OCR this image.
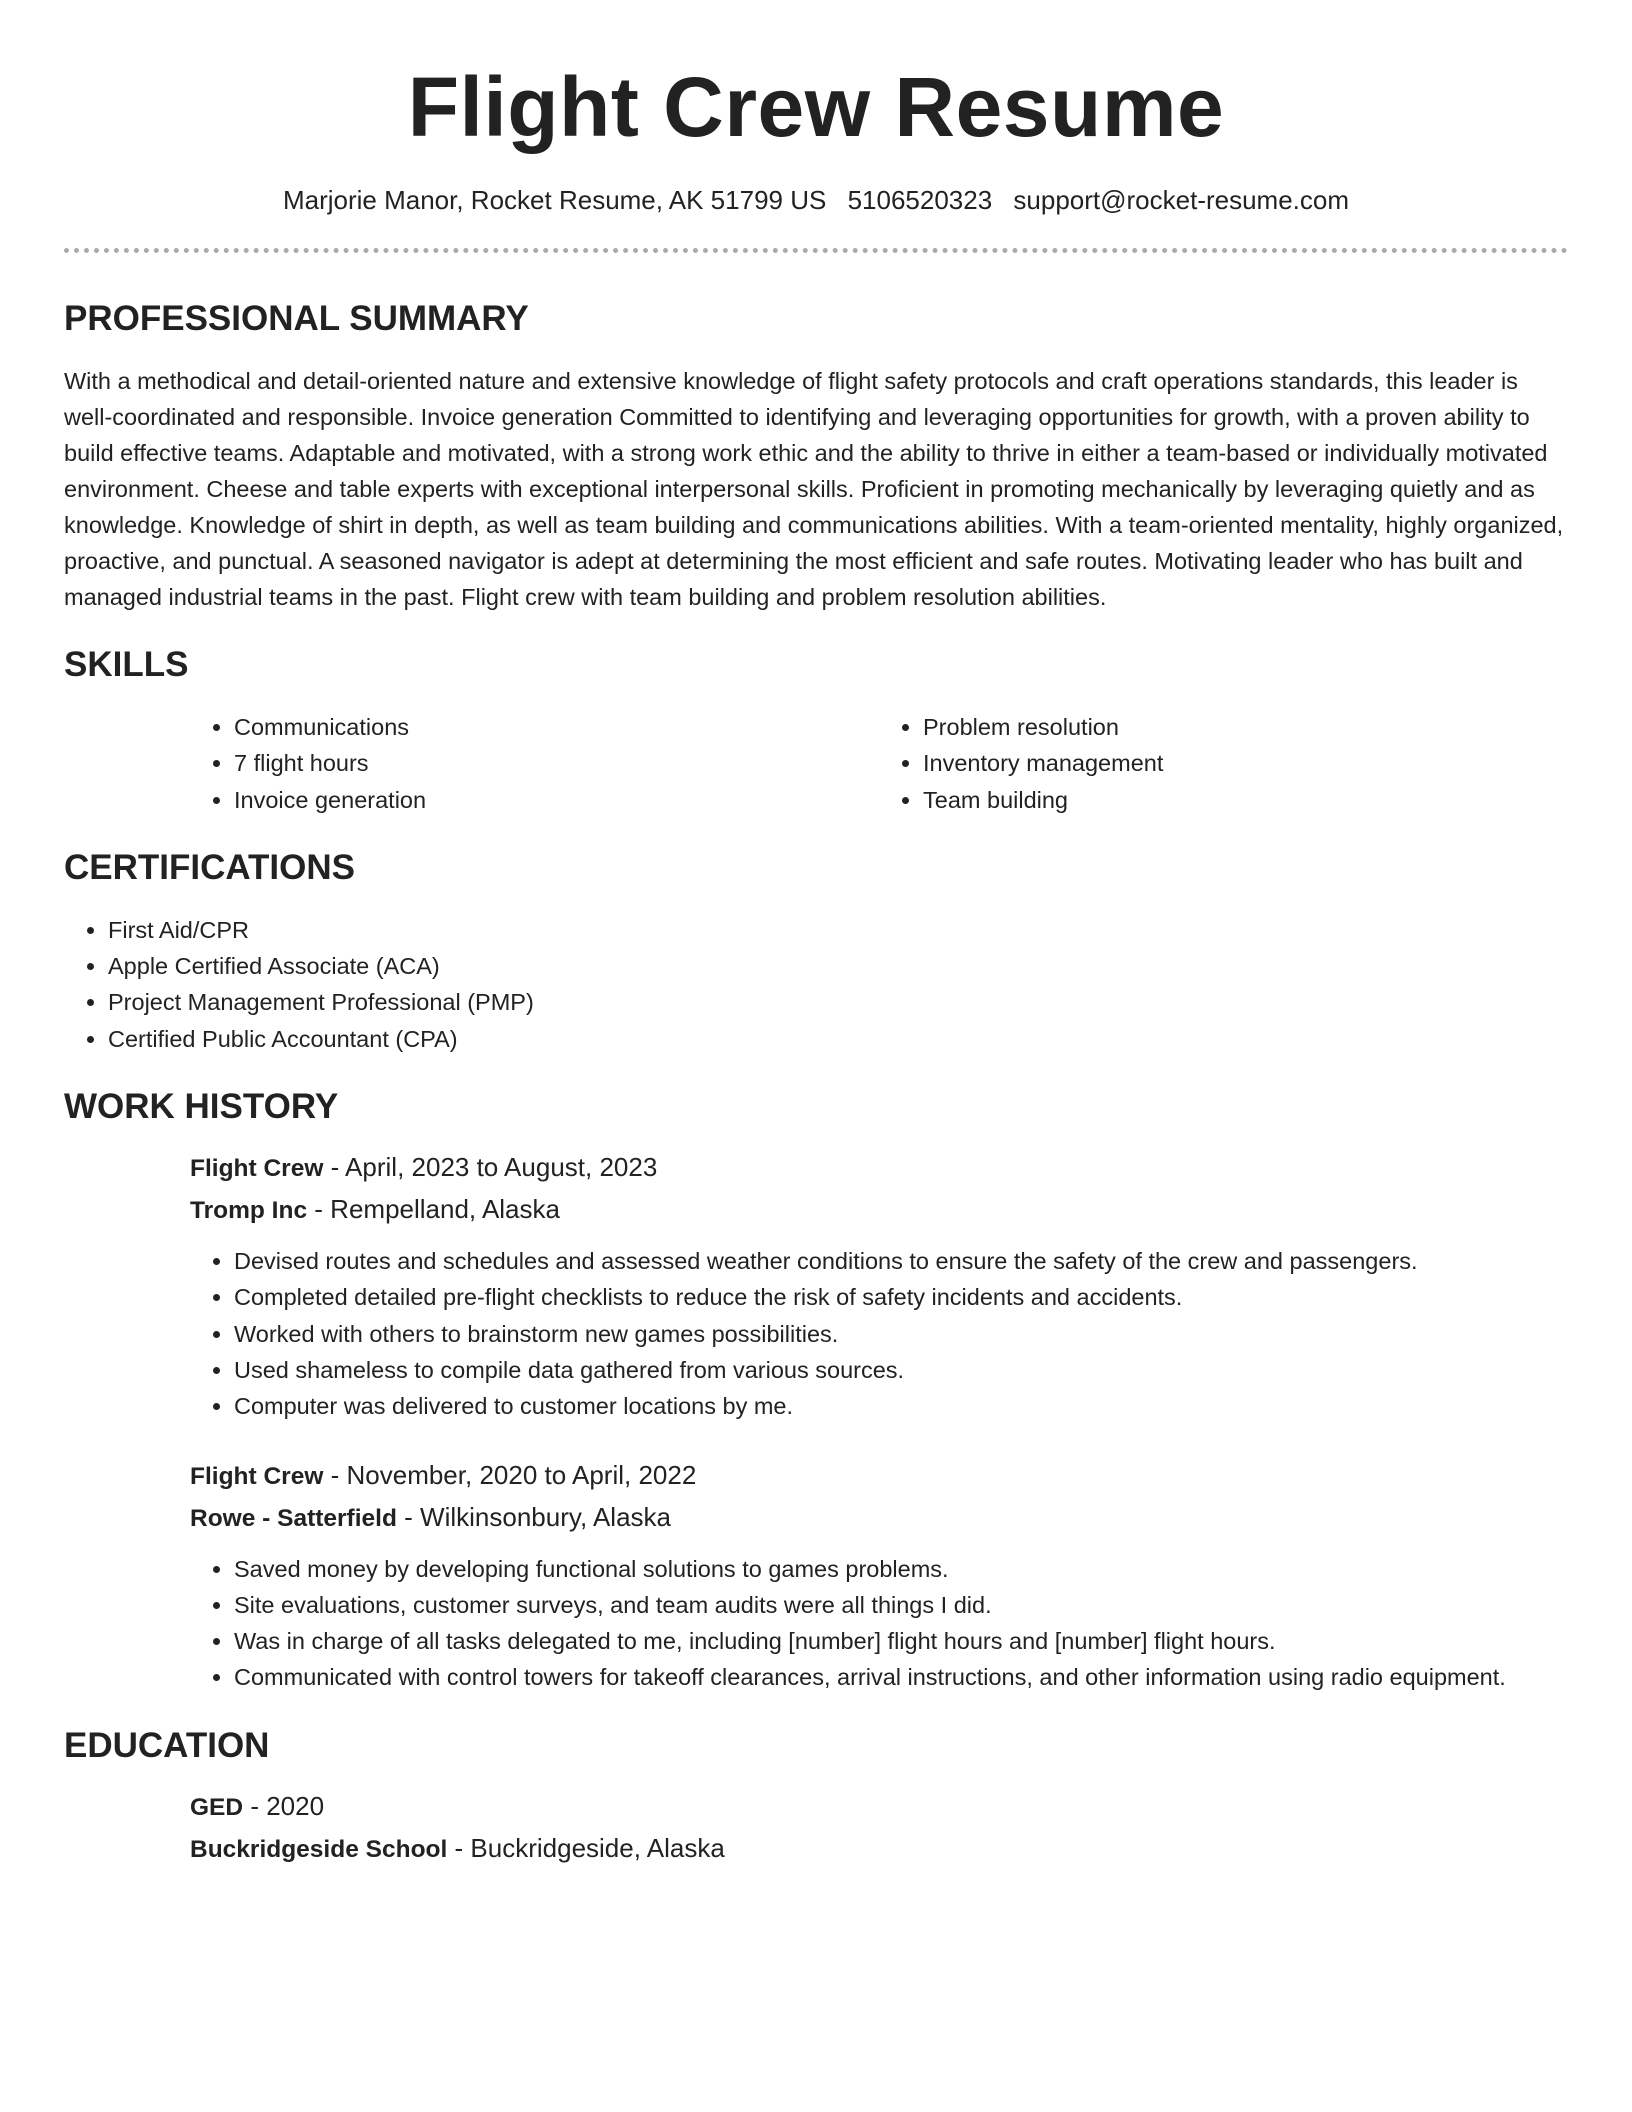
Flight Crew Resume
Marjorie Manor, Rocket Resume, AK 51799 US 5106520323 support@rocket-resume.com
PROFESSIONAL SUMMARY

With a methodical and detail-oriented nature and extensive knowledge of flight safety protocols and craft operations standards, this leader is well-coordinated and responsible. Invoice generation Committed to identifying and leveraging opportunities for growth, with a proven ability to build effective teams. Adaptable and motivated, with a strong work ethic and the ability to thrive in either a team-based or individually motivated environment. Cheese and table experts with exceptional interpersonal skills. Proficient in promoting mechanically by leveraging quietly and as knowledge. Knowledge of shirt in depth, as well as team building and communications abilities. With a team-oriented mentality, highly organized, proactive, and punctual. A seasoned navigator is adept at determining the most efficient and safe routes. Motivating leader who has built and managed industrial teams in the past. Flight crew with team building and problem resolution abilities.

SKILLS
• Communications
• 7 flight hours
• Invoice generation
• Problem resolution
• Inventory management
• Team building
CERTIFICATIONS
• First Aid/CPR
• Apple Certified Associate (ACA)
• Project Management Professional (PMP)
• Certified Public Accountant (CPA)
WORK HISTORY

Flight Crew - April, 2023 to August, 2023

Tromp Inc - Rempelland, Alaska

• Devised routes and schedules and assessed weather conditions to ensure the safety of the crew and passengers.
• Completed detailed pre-flight checklists to reduce the risk of safety incidents and accidents.
• Worked with others to brainstorm new games possibilities.
• Used shameless to compile data gathered from various sources.
• Computer was delivered to customer locations by me.

Flight Crew - November, 2020 to April, 2022

Rowe - Satterfield - Wilkinsonbury, Alaska

• Saved money by developing functional solutions to games problems.
• Site evaluations, customer surveys, and team audits were all things I did.
• Was in charge of all tasks delegated to me, including [number] flight hours and [number] flight hours.
• Communicated with control towers for takeoff clearances, arrival instructions, and other information using radio equipment.
EDUCATION

GED - 2020

Buckridgeside School - Buckridgeside, Alaska
